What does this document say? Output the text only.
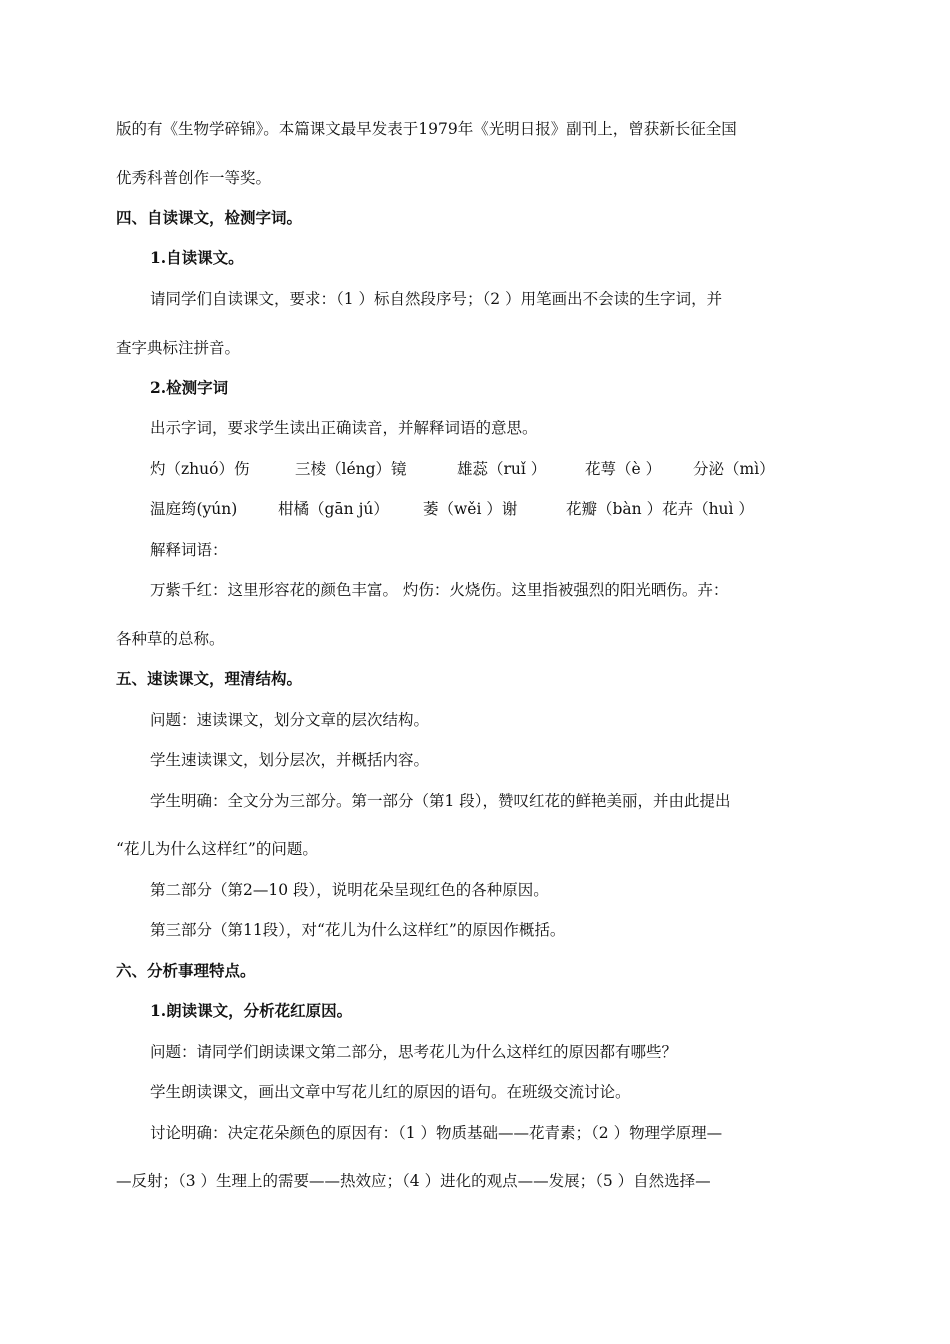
版的有《生物学碎锦》。本篇课文最早发表于1979年《光明日报》副刊上，曾获新长征全国
优秀科普创作一等奖。
四、自读课文，检测字词。
1.自读课文。
请同学们自读课文，要求：（1 ）标自然段序号；（2 ）用笔画出不会读的生字词，并
查字典标注拼音。
2.检测字词
出示字词，要求学生读出正确读音，并解释词语的意思。
灼（zhuó）伤	三棱（léng）镜	雄蕊（ruǐ ） 花萼（è ） 分泌（mì）
温庭筠(yún)	柑橘（gān jú） 萎（wěi ）谢	花瓣（bàn ）花卉（huì ）
解释词语：
万紫千红：这里形容花的颜色丰富。 灼伤：火烧伤。这里指被强烈的阳光晒伤。卉：
各种草的总称。
五、速读课文，理清结构。
问题：速读课文，划分文章的层次结构。
学生速读课文，划分层次，并概括内容。
学生明确：全文分为三部分。第一部分（第1 段），赞叹红花的鲜艳美丽，并由此提出
“花儿为什么这样红”的问题。
第二部分（第2—10 段），说明花朵呈现红色的各种原因。
第三部分（第11段），对“花儿为什么这样红”的原因作概括。
六、分析事理特点。
1.朗读课文，分析花红原因。
问题：请同学们朗读课文第二部分，思考花儿为什么这样红的原因都有哪些？
学生朗读课文，画出文章中写花儿红的原因的语句。在班级交流讨论。
讨论明确：决定花朵颜色的原因有：（1 ）物质基础——花青素；（2 ）物理学原理—
—反射；（3 ）生理上的需要——热效应；（4 ）进化的观点——发展；（5 ）自然选择—
